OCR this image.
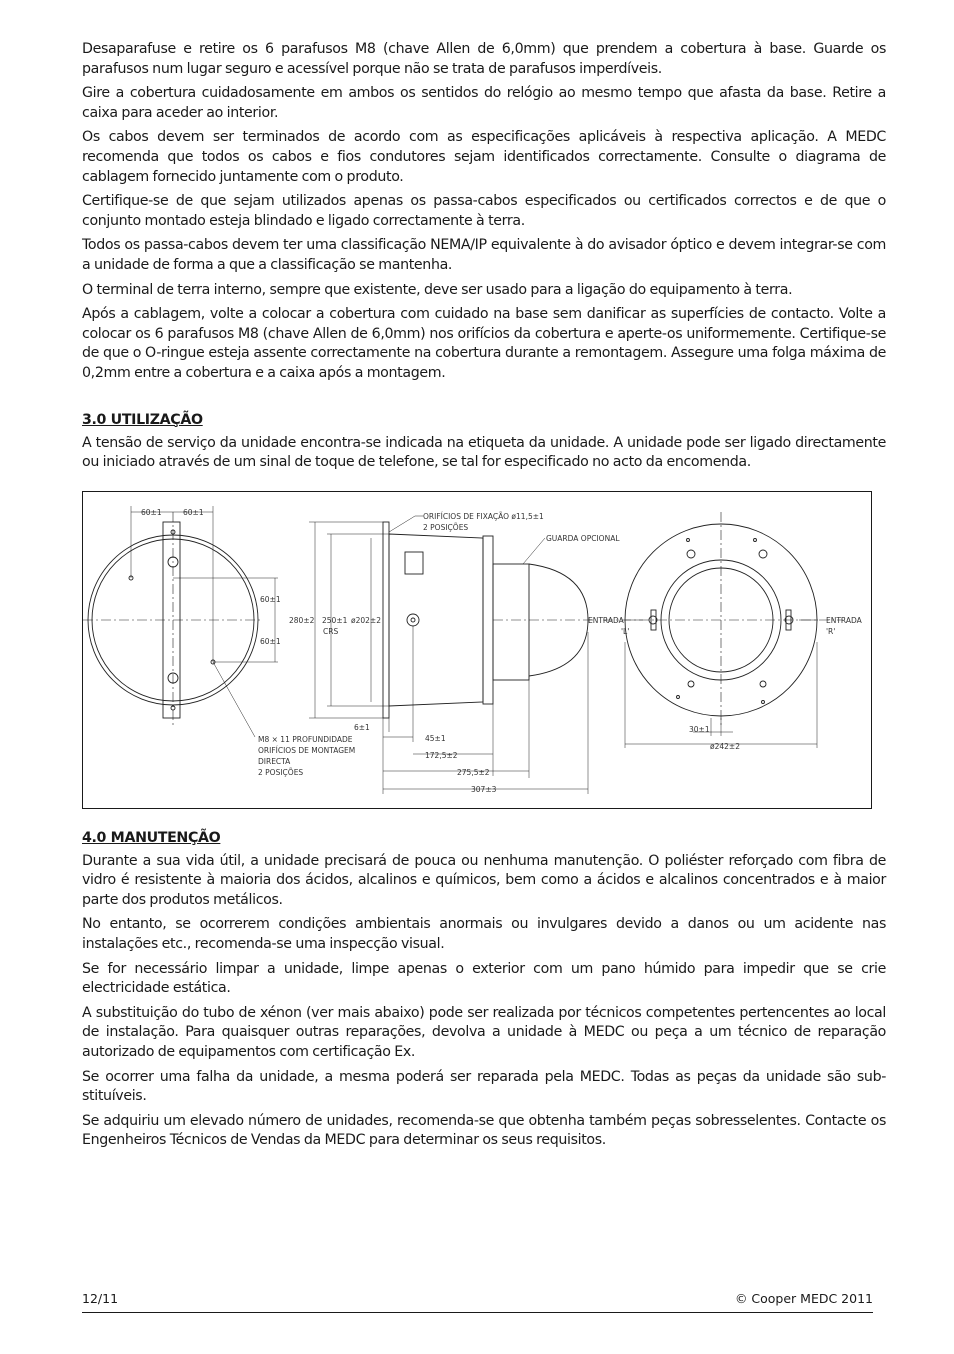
Desaparafuse e retire os 6 parafusos M8 (chave Allen de 6,0mm) que prendem a cobertura à base. Guarde os parafusos num lugar seguro e acessível porque não se trata de parafusos imperdíveis.

Gire a cobertura cuidadosamente em ambos os sentidos do relógio ao mesmo tempo que afasta da base. Retire a caixa para aceder ao interior.

Os cabos devem ser terminados de acordo com as especificações aplicáveis à respectiva aplicação. A MEDC recomenda que todos os cabos e fios condutores sejam identificados correctamente. Consulte o diagrama de cablagem fornecido juntamente com o produto.

Certifique-se de que sejam utilizados apenas os passa-cabos especificados ou certificados correctos e de que o conjunto montado esteja blindado e ligado correctamente à terra.

Todos os passa-cabos devem ter uma classificação NEMA/IP equivalente à do avisador óptico e devem integrar-se com a unidade de forma a que a classificação se mantenha.

O terminal de terra interno, sempre que existente, deve ser usado para a ligação do equipamento à terra.

Após a cablagem, volte a colocar a cobertura com cuidado na base sem danificar as superfícies de contacto. Volte a colocar os 6 parafusos M8 (chave Allen de 6,0mm) nos orifícios da cobertura e aperte-os uniformemente. Certifique-se de que o O-ringue esteja assente correctamente na cobertura durante a remontagem. Assegure uma folga máxima de 0,2mm entre a cobertura e a caixa após a montagem.

3.0 UTILIZAÇÃO

A tensão de serviço da unidade encontra-se indicada na etiqueta da unidade. A unidade pode ser ligado directamente ou iniciado através de um sinal de toque de telefone, se tal for especificado no acto da encomenda.

60±1	60±1
60±1
60±1
280±2 250±1
CRS
ø202±2
ORIFÍCIOS DE FIXAÇÃO ø11,5±1
2 POSIÇÕES
GUARDA OPCIONAL
ENTRADA
'L'
ENTRADA
'R'
6±1
M8 × 11 PROFUNDIDADE
ORIFÍCIOS DE MONTAGEM
DIRECTA
2 POSIÇÕES
45±1
172,5±2
275,5±2
307±3
30±1
ø242±2
4.0 MANUTENÇÃO

Durante a sua vida útil, a unidade precisará de pouca ou nenhuma manutenção. O poliéster reforçado com fibra de vidro é resistente à maioria dos ácidos, alcalinos e químicos, bem como a ácidos e alcalinos concentrados e à maior parte dos produtos metálicos.

No entanto, se ocorrerem condições ambientais anormais ou invulgares devido a danos ou um acidente nas instalações etc., recomenda-se uma inspecção visual.

Se for necessário limpar a unidade, limpe apenas o exterior com um pano húmido para impedir que se crie electricidade estática.

A substituição do tubo de xénon (ver mais abaixo) pode ser realizada por técnicos competentes pertencentes ao local de instalação. Para quaisquer outras reparações, devolva a unidade à MEDC ou peça a um técnico de reparação autorizado de equipamentos com certificação Ex.

Se ocorrer uma falha da unidade, a mesma poderá ser reparada pela MEDC. Todas as peças da unidade são sub-stituíveis.

Se adquiriu um elevado número de unidades, recomenda-se que obtenha também peças sobresselentes. Contacte os Engenheiros Técnicos de Vendas da MEDC para determinar os seus requisitos.

12/11	© Cooper MEDC 2011
